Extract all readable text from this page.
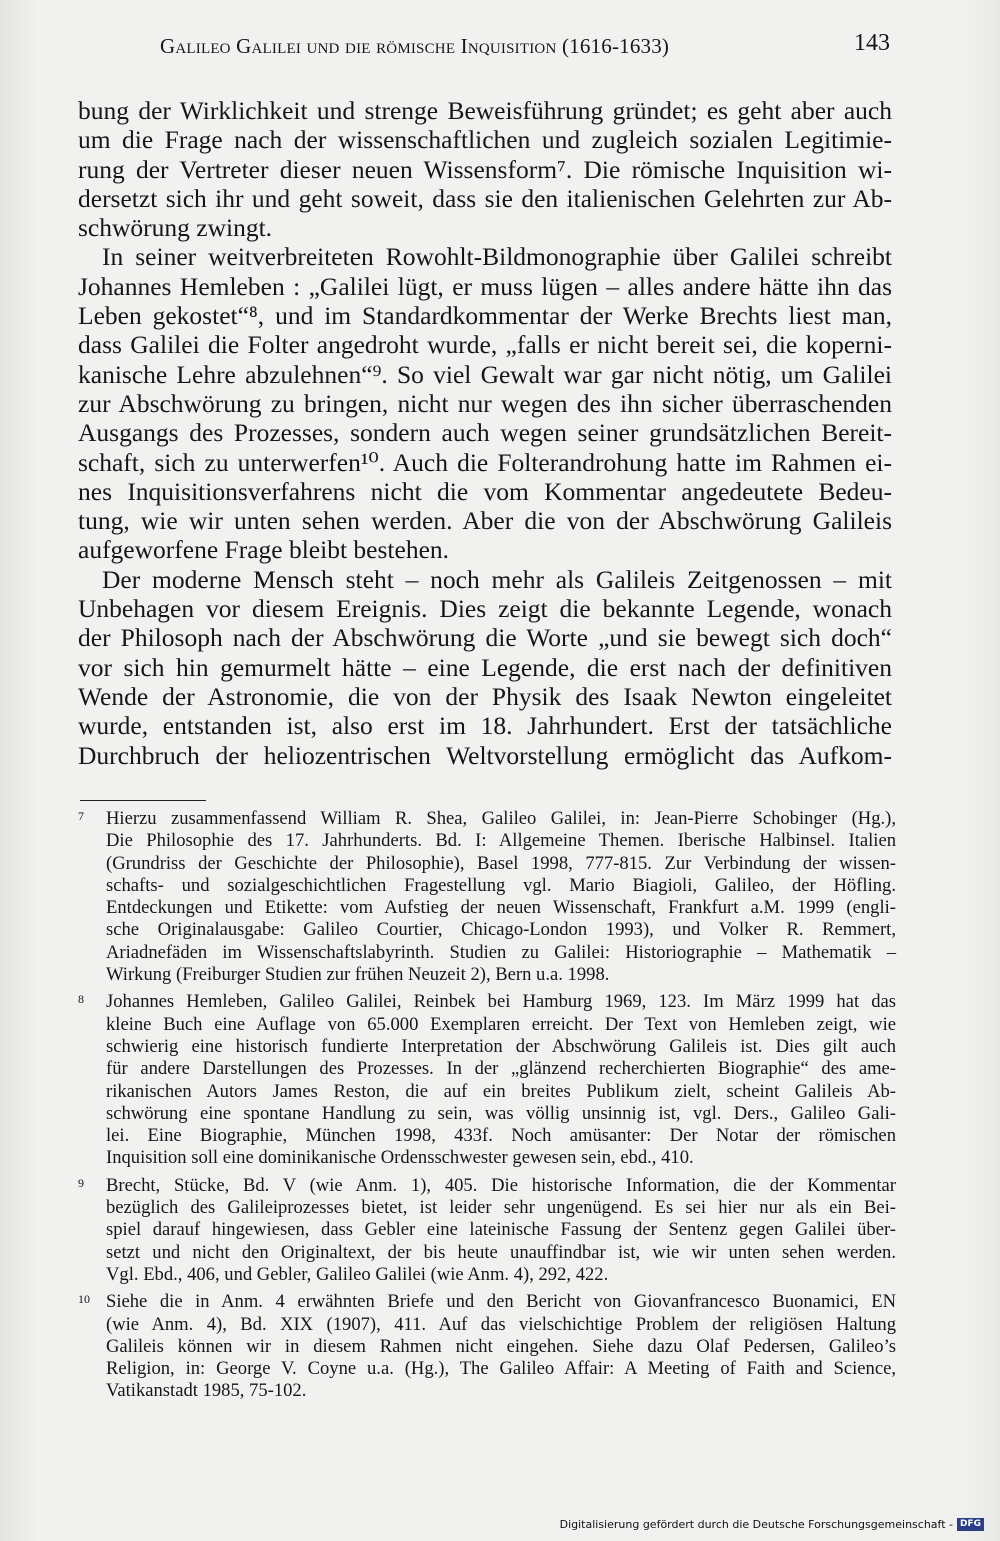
Galileo Galilei und die römische Inquisition (1616-1633)	143

bung der Wirklichkeit und strenge Beweisführung gründet; es geht aber auch
um die Frage nach der wissenschaftlichen und zugleich sozialen Legitimie-
rung der Vertreter dieser neuen Wissensform⁷. Die römische Inquisition wi-
dersetzt sich ihr und geht soweit, dass sie den italienischen Gelehrten zur Ab-
schwörung zwingt.

In seiner weitverbreiteten Rowohlt-Bildmonographie über Galilei schreibt
Johannes Hemleben : „Galilei lügt, er muss lügen – alles andere hätte ihn das
Leben gekostet“⁸, und im Standardkommentar der Werke Brechts liest man,
dass Galilei die Folter angedroht wurde, „falls er nicht bereit sei, die koperni-
kanische Lehre abzulehnen“⁹. So viel Gewalt war gar nicht nötig, um Galilei
zur Abschwörung zu bringen, nicht nur wegen des ihn sicher überraschenden
Ausgangs des Prozesses, sondern auch wegen seiner grundsätzlichen Bereit-
schaft, sich zu unterwerfen¹⁰. Auch die Folterandrohung hatte im Rahmen ei-
nes Inquisitionsverfahrens nicht die vom Kommentar angedeutete Bedeu-
tung, wie wir unten sehen werden. Aber die von der Abschwörung Galileis
aufgeworfene Frage bleibt bestehen.

Der moderne Mensch steht – noch mehr als Galileis Zeitgenossen – mit
Unbehagen vor diesem Ereignis. Dies zeigt die bekannte Legende, wonach
der Philosoph nach der Abschwörung die Worte „und sie bewegt sich doch“
vor sich hin gemurmelt hätte – eine Legende, die erst nach der definitiven
Wende der Astronomie, die von der Physik des Isaak Newton eingeleitet
wurde, entstanden ist, also erst im 18. Jahrhundert. Erst der tatsächliche
Durchbruch der heliozentrischen Weltvorstellung ermöglicht das Aufkom-

7 Hierzu zusammenfassend William R. Shea, Galileo Galilei, in: Jean-Pierre Schobinger (Hg.),
Die Philosophie des 17. Jahrhunderts. Bd. I: Allgemeine Themen. Iberische Halbinsel. Italien
(Grundriss der Geschichte der Philosophie), Basel 1998, 777-815. Zur Verbindung der wissen-
schafts- und sozialgeschichtlichen Fragestellung vgl. Mario Biagioli, Galileo, der Höfling.
Entdeckungen und Etikette: vom Aufstieg der neuen Wissenschaft, Frankfurt a.M. 1999 (engli-
sche Originalausgabe: Galileo Courtier, Chicago-London 1993), und Volker R. Remmert,
Ariadnefäden im Wissenschaftslabyrinth. Studien zu Galilei: Historiographie – Mathematik –
Wirkung (Freiburger Studien zur frühen Neuzeit 2), Bern u.a. 1998.
8 Johannes Hemleben, Galileo Galilei, Reinbek bei Hamburg 1969, 123. Im März 1999 hat das
kleine Buch eine Auflage von 65.000 Exemplaren erreicht. Der Text von Hemleben zeigt, wie
schwierig eine historisch fundierte Interpretation der Abschwörung Galileis ist. Dies gilt auch
für andere Darstellungen des Prozesses. In der „glänzend recherchierten Biographie“ des ame-
rikanischen Autors James Reston, die auf ein breites Publikum zielt, scheint Galileis Ab-
schwörung eine spontane Handlung zu sein, was völlig unsinnig ist, vgl. Ders., Galileo Gali-
lei. Eine Biographie, München 1998, 433f. Noch amüsanter: Der Notar der römischen
Inquisition soll eine dominikanische Ordensschwester gewesen sein, ebd., 410.
9 Brecht, Stücke, Bd. V (wie Anm. 1), 405. Die historische Information, die der Kommentar
bezüglich des Galileiprozesses bietet, ist leider sehr ungenügend. Es sei hier nur als ein Bei-
spiel darauf hingewiesen, dass Gebler eine lateinische Fassung der Sentenz gegen Galilei über-
setzt und nicht den Originaltext, der bis heute unauffindbar ist, wie wir unten sehen werden.
Vgl. Ebd., 406, und Gebler, Galileo Galilei (wie Anm. 4), 292, 422.
10 Siehe die in Anm. 4 erwähnten Briefe und den Bericht von Giovanfrancesco Buonamici, EN
(wie Anm. 4), Bd. XIX (1907), 411. Auf das vielschichtige Problem der religiösen Haltung
Galileis können wir in diesem Rahmen nicht eingehen. Siehe dazu Olaf Pedersen, Galileo’s
Religion, in: George V. Coyne u.a. (Hg.), The Galileo Affair: A Meeting of Faith and Science,
Vatikanstadt 1985, 75-102.
Digitalisierung gefördert durch die Deutsche Forschungsgemeinschaft - DFG
